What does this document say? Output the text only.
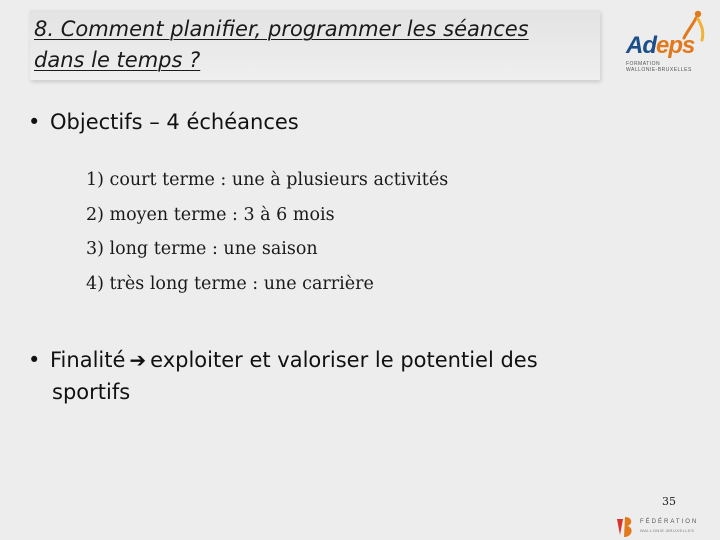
8. Comment planifier, programmer les séances
dans le temps ?
Adeps
FORMATION
WALLONIE-BRUXELLES
• Objectifs – 4 échéances
1) court terme : une à plusieurs activités
2) moyen terme : 3 à 6 mois
3) long terme : une saison
4) très long terme : une carrière
• Finalité ➔ exploiter et valoriser le potentiel des
sportifs
35
FÉDÉRATION
WALLONIE-BRUXELLES
